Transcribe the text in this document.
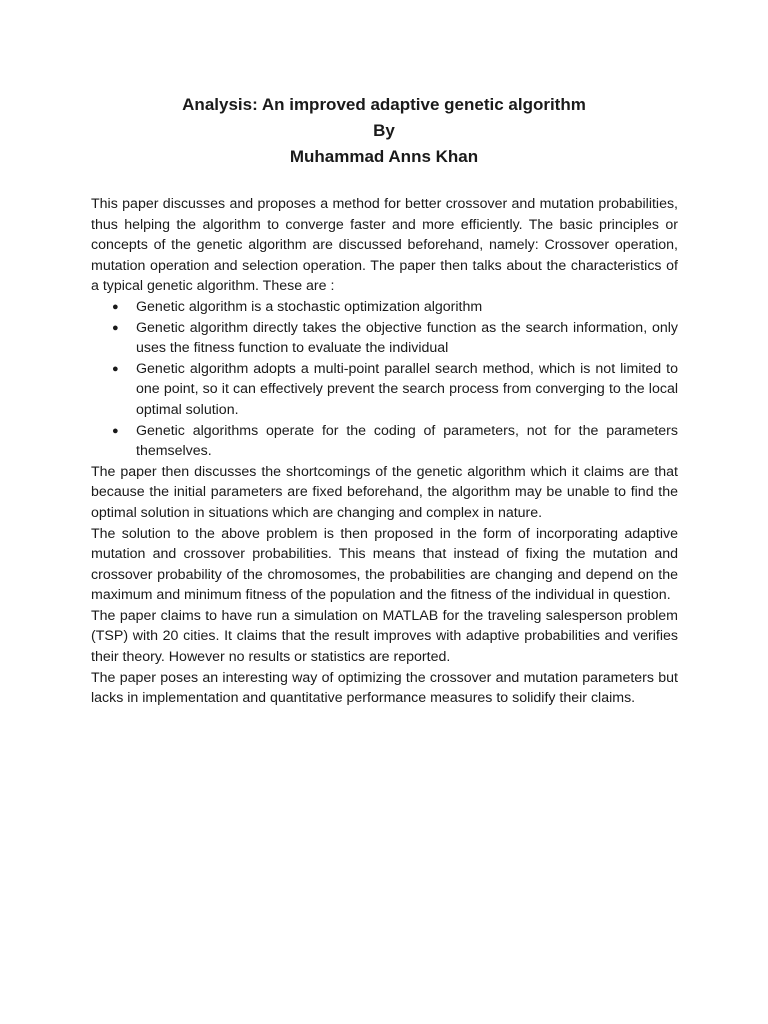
Analysis: An improved adaptive genetic algorithm
By
Muhammad Anns Khan

This paper discusses and proposes a method for better crossover and mutation probabilities, thus helping the algorithm to converge faster and more efficiently. The basic principles or concepts of the genetic algorithm are discussed beforehand, namely: Crossover operation, mutation operation and selection operation. The paper then talks about the characteristics of a typical genetic algorithm. These are :

● Genetic algorithm is a stochastic optimization algorithm
● Genetic algorithm directly takes the objective function as the search information, only uses the fitness function to evaluate the individual
● Genetic algorithm adopts a multi-point parallel search method, which is not limited to one point, so it can effectively prevent the search process from converging to the local optimal solution.
● Genetic algorithms operate for the coding of parameters, not for the parameters themselves.

The paper then discusses the shortcomings of the genetic algorithm which it claims are that because the initial parameters are fixed beforehand, the algorithm may be unable to find the optimal solution in situations which are changing and complex in nature.

The solution to the above problem is then proposed in the form of incorporating adaptive mutation and crossover probabilities. This means that instead of fixing the mutation and crossover probability of the chromosomes, the probabilities are changing and depend on the maximum and minimum fitness of the population and the fitness of the individual in question.

The paper claims to have run a simulation on MATLAB for the traveling salesperson problem (TSP) with 20 cities. It claims that the result improves with adaptive probabilities and verifies their theory. However no results or statistics are reported.

The paper poses an interesting way of optimizing the crossover and mutation parameters but lacks in implementation and quantitative performance measures to solidify their claims.
